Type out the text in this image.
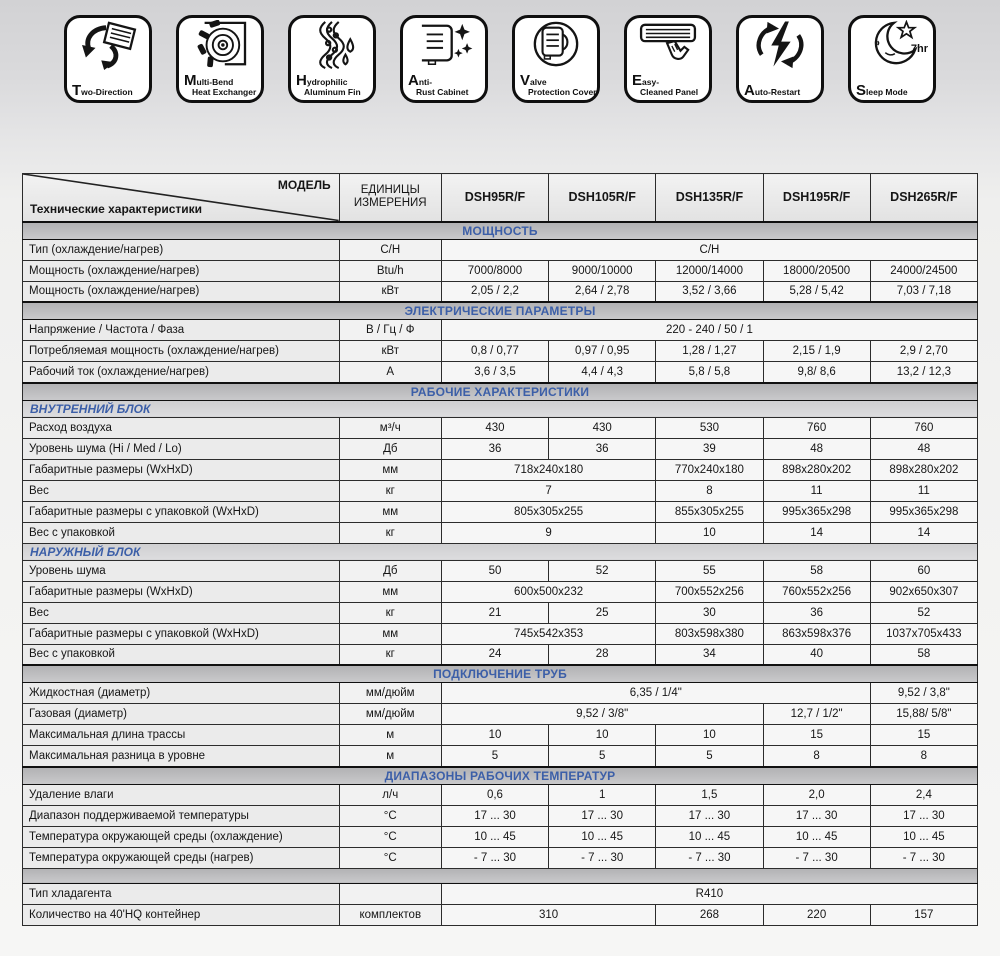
Two-Direction
Multi-Bend
Heat Exchanger
Hydrophilic
Aluminum Fin
Anti-
Rust Cabinet
Valve
Protection Cover
Easy-
Cleaned Panel	Auto-Restart
7hr
Sleep Mode
МОДЕЛЬ
Технические характеристики	ЕДИНИЦЫ ИЗМЕРЕНИЯ	DSH95R/F	DSH105R/F	DSH135R/F	DSH195R/F	DSH265R/F
МОЩНОСТЬ						
Тип (охлаждение/нагрев)	С/Н	С/Н				
Мощность (охлаждение/нагрев)	Btu/h	7000/8000	9000/10000	12000/14000	18000/20500	24000/24500
Мощность (охлаждение/нагрев)	кВт	2,05 / 2,2	2,64 / 2,78	3,52 / 3,66	5,28 / 5,42	7,03 / 7,18
ЭЛЕКТРИЧЕСКИЕ ПАРАМЕТРЫ						
Напряжение / Частота / Фаза	В / Гц / Ф	220 - 240 / 50 / 1				
Потребляемая мощность (охлаждение/нагрев)	кВт	0,8 / 0,77	0,97 / 0,95	1,28 / 1,27	2,15 / 1,9	2,9 / 2,70
Рабочий ток (охлаждение/нагрев)	А	3,6 / 3,5	4,4 / 4,3	5,8 / 5,8	9,8/ 8,6	13,2 / 12,3
РАБОЧИЕ ХАРАКТЕРИСТИКИ						
ВНУТРЕННИЙ БЛОК						
Расход воздуха	м³/ч	430	430	530	760	760
Уровень шума (Hi / Med / Lo)	Дб	36	36	39	48	48
Габаритные размеры (WxHxD)	мм	718x240x180		770x240x180	898x280x202	898x280x202
Вес	кг	7		8	11	11
Габаритные размеры с упаковкой (WxHxD)	мм	805x305x255		855x305x255	995x365x298	995x365x298
Вес с упаковкой	кг	9		10	14	14
НАРУЖНЫЙ БЛОК						
Уровень шума	Дб	50	52	55	58	60
Габаритные размеры (WxHxD)	мм	600x500x232		700x552x256	760x552x256	902x650x307
Вес	кг	21	25	30	36	52
Габаритные размеры с упаковкой (WxHxD)	мм	745x542x353		803x598x380	863x598x376	1037x705x433
Вес с упаковкой	кг	24	28	34	40	58
ПОДКЛЮЧЕНИЕ ТРУБ						
Жидкостная (диаметр)	мм/дюйм	6,35 / 1/4"				9,52 / 3,8"
Газовая (диаметр)	мм/дюйм	9,52 / 3/8"			12,7 / 1/2"	15,88/ 5/8"
Максимальная длина трассы	м	10	10	10	15	15
Максимальная разница в уровне	м	5	5	5	8	8
ДИАПАЗОНЫ РАБОЧИХ ТЕМПЕРАТУР						
Удаление влаги	л/ч	0,6	1	1,5	2,0	2,4
Диапазон поддерживаемой температуры	°С	17 ... 30	17 ... 30	17 ... 30	17 ... 30	17 ... 30
Температура окружающей среды (охлаждение)	°С	10 ... 45	10 ... 45	10 ... 45	10 ... 45	10 ... 45
Температура окружающей среды (нагрев)	°С	- 7 ... 30	- 7 ... 30	- 7 ... 30	- 7 ... 30	- 7 ... 30

Тип хладагента		R410				
Количество на 40'HQ контейнер	комплектов	310		268	220	157
